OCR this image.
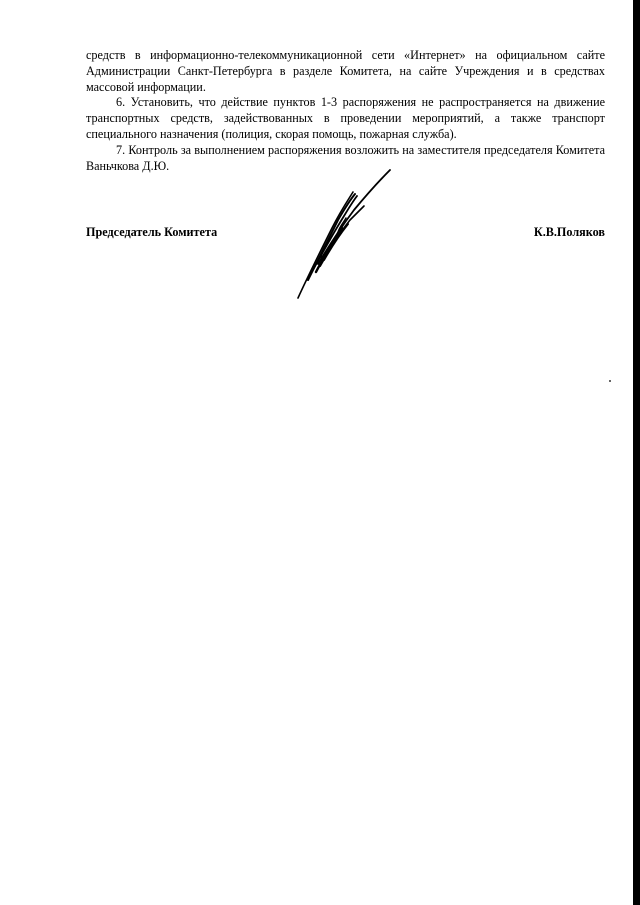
средств в информационно-телекоммуникационной сети «Интернет» на официальном сайте Администрации Санкт-Петербурга в разделе Комитета, на сайте Учреждения и в средствах массовой информации.

6. Установить, что действие пунктов 1-3 распоряжения не распространяется на движение транспортных средств, задействованных в проведении мероприятий, а также транспорт специального назначения (полиция, скорая помощь, пожарная служба).

7. Контроль за выполнением распоряжения возложить на заместителя председателя Комитета Ваньчкова Д.Ю.

Председатель Комитета	К.В.Поляков
